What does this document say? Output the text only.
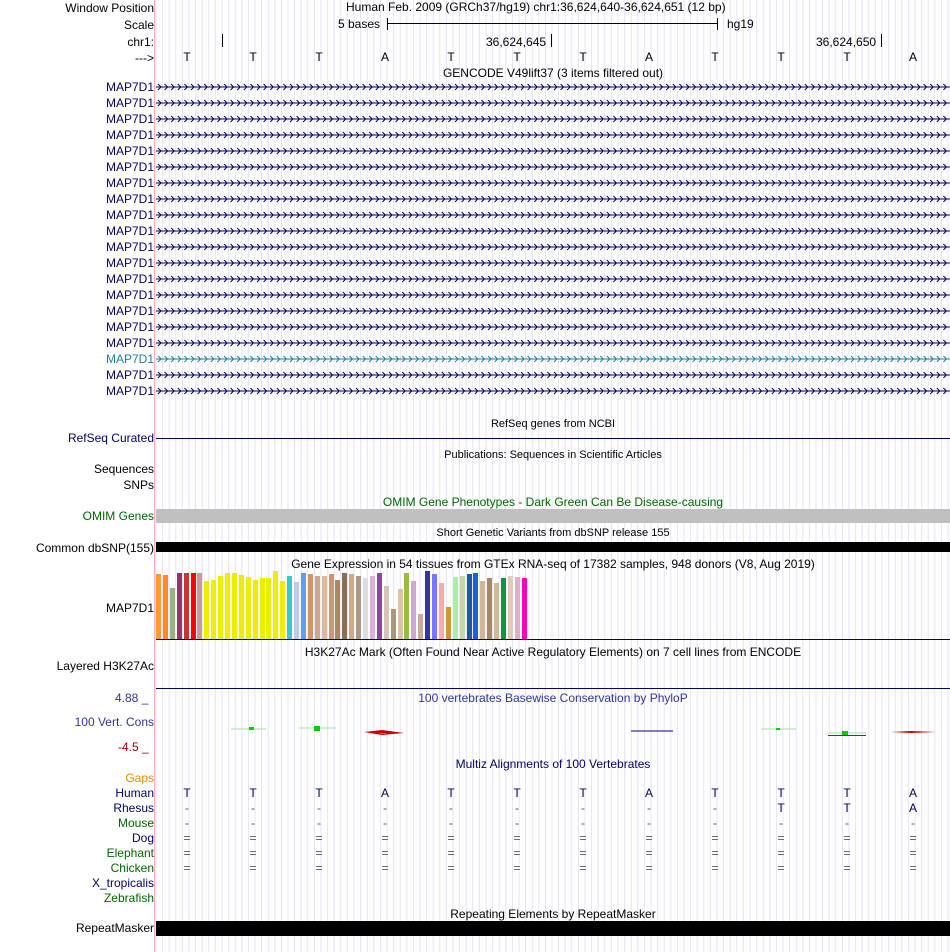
Window Position	Human Feb. 2009 (GRCh37/hg19) chr1:36,624,640-36,624,651 (12 bp)
Scale	5 bases	hg19
chr1:	36,624,645	36,624,650
--->	T	T	T	A	T	T	T	A	T	T	T	A
GENCODE V49lift37 (3 items filtered out)
MAP7D1
MAP7D1
MAP7D1
MAP7D1
MAP7D1
MAP7D1
MAP7D1
MAP7D1
MAP7D1
MAP7D1
MAP7D1
MAP7D1
MAP7D1
MAP7D1
MAP7D1
MAP7D1
MAP7D1
MAP7D1
MAP7D1
MAP7D1
RefSeq genes from NCBI
RefSeq Curated
Publications: Sequences in Scientific Articles
Sequences
SNPs
OMIM Gene Phenotypes - Dark Green Can Be Disease-causing
OMIM Genes
Short Genetic Variants from dbSNP release 155
Common dbSNP(155)
Gene Expression in 54 tissues from GTEx RNA-seq of 17382 samples, 948 donors (V8, Aug 2019)
MAP7D1
H3K27Ac Mark (Often Found Near Active Regulatory Elements) on 7 cell lines from ENCODE
Layered H3K27Ac
4.88 _	100 vertebrates Basewise Conservation by PhyloP
100 Vert. Cons
-4.5 _
Multiz Alignments of 100 Vertebrates
Gaps
Human	T	T	T	A	T	T	T	A	T	T	T	A
Rhesus	-	-	-	-	-	-	-	-	-	T	T	A
Mouse	-	-	-	-	-	-	-	-	-	-	-	-
Dog	=	=	=	=	=	=	=	=	=	=	=	=
Elephant	=	=	=	=	=	=	=	=	=	=	=	=
Chicken	=	=	=	=	=	=	=	=	=	=	=	=
X_tropicalis
Zebrafish
Repeating Elements by RepeatMasker
RepeatMasker
